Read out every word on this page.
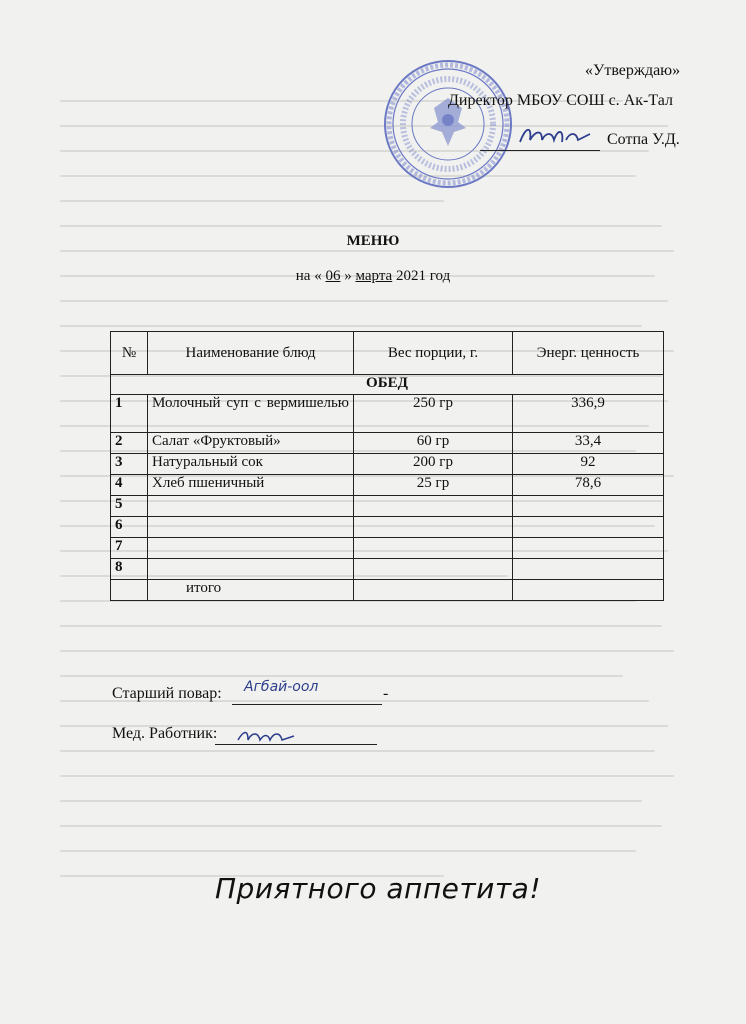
«Утверждаю»
Директор МБОУ СОШ с. Ак-Тал
Сотпа У.Д.
МЕНЮ
на « 06 » марта 2021 год
№	Наименование блюд	Вес порции, г.	Энерг. ценность
ОБЕД			
1	Молочный суп с вермишелью	250 гр	336,9
2	Салат «Фруктовый»	60 гр	33,4
3	Натуральный сок	200 гр	92
4	Хлеб пшеничный	25 гр	78,6
5			
6			
7			
8			
	итого		
Старший повар: Агбай-оол	-
Мед. Работник:
Приятного аппетита!
